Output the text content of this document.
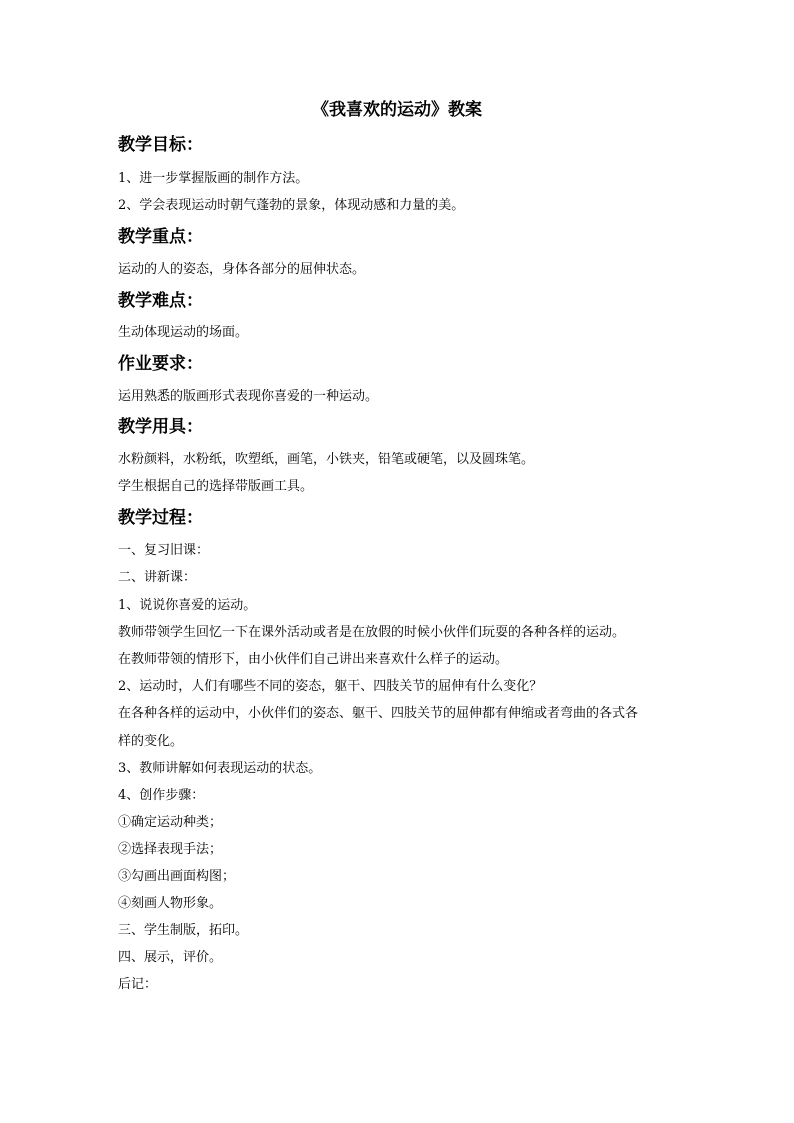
《我喜欢的运动》教案
教学目标：
1、进一步掌握版画的制作方法。
2、学会表现运动时朝气蓬勃的景象，体现动感和力量的美。
教学重点：
运动的人的姿态，身体各部分的屈伸状态。
教学难点：
生动体现运动的场面。
作业要求：
运用熟悉的版画形式表现你喜爱的一种运动。
教学用具：
水粉颜料，水粉纸，吹塑纸，画笔，小铁夹，铅笔或硬笔，以及圆珠笔。
学生根据自己的选择带版画工具。
教学过程：
一、复习旧课：
二、讲新课：
1、说说你喜爱的运动。
教师带领学生回忆一下在课外活动或者是在放假的时候小伙伴们玩耍的各种各样的运动。
在教师带领的情形下，由小伙伴们自己讲出来喜欢什么样子的运动。
2、运动时，人们有哪些不同的姿态，躯干、四肢关节的屈伸有什么变化？
在各种各样的运动中，小伙伴们的姿态、躯干、四肢关节的屈伸都有伸缩或者弯曲的各式各
样的变化。
3、教师讲解如何表现运动的状态。
4、创作步骤：
①确定运动种类；
②选择表现手法；
③勾画出画面构图；
④刻画人物形象。
三、学生制版，拓印。
四、展示，评价。
后记：
